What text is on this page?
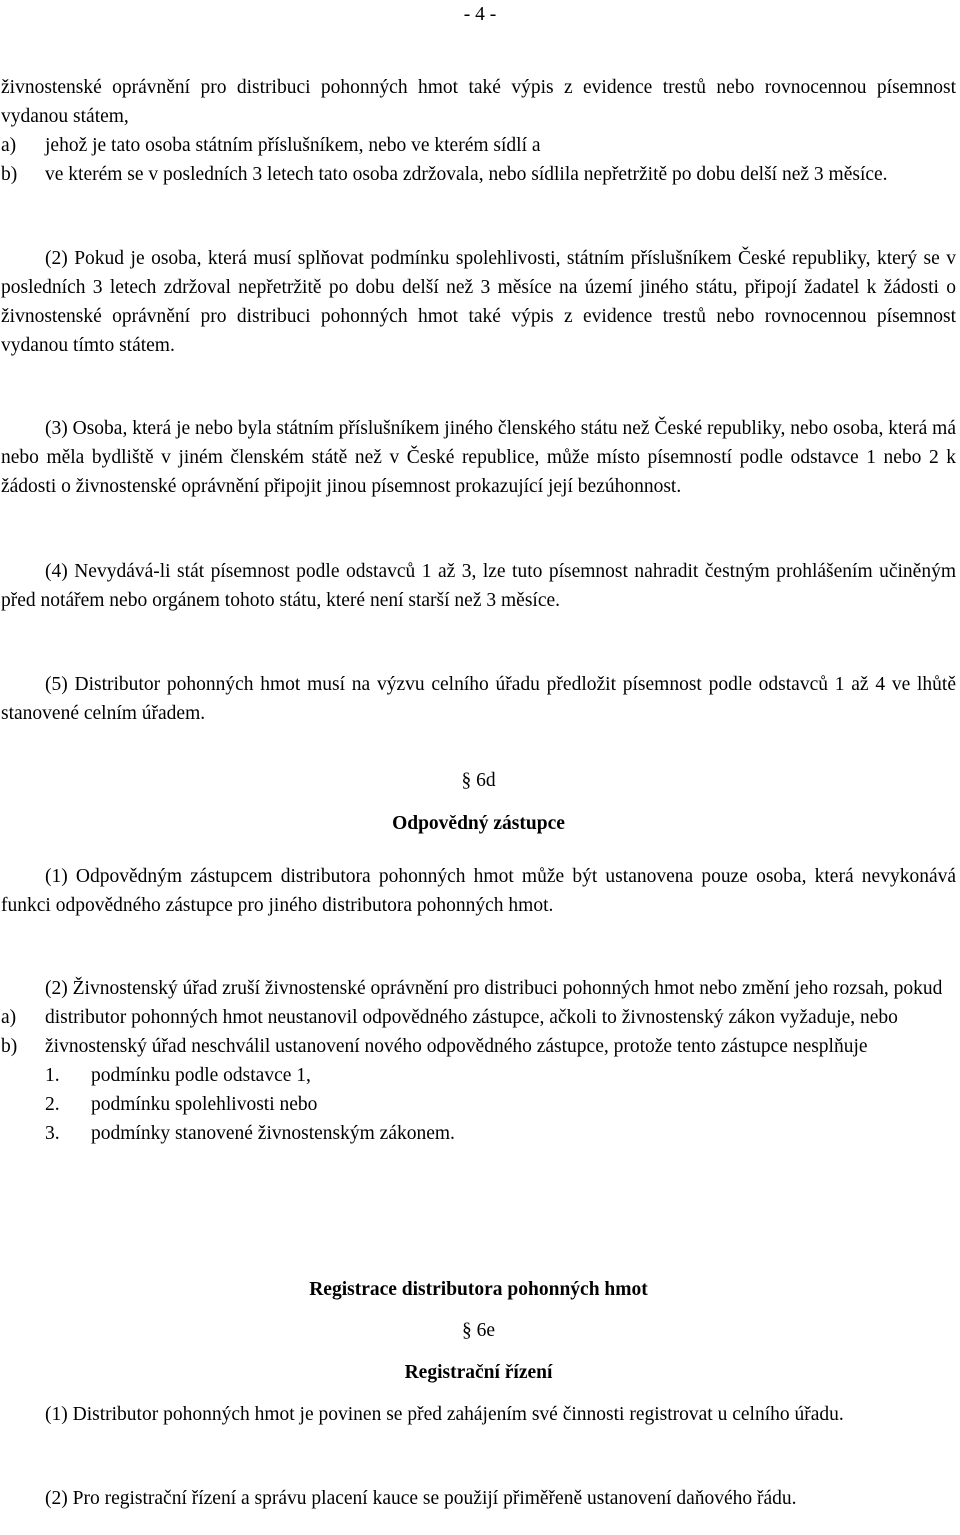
- 4 -

živnostenské oprávnění pro distribuci pohonných hmot také výpis z evidence trestů nebo rovnocennou písemnost vydanou státem,

a) jehož je tato osoba státním příslušníkem, nebo ve kterém sídlí a
b) ve kterém se v posledních 3 letech tato osoba zdržovala, nebo sídlila nepřetržitě po dobu delší než 3 měsíce.

(2) Pokud je osoba, která musí splňovat podmínku spolehlivosti, státním příslušníkem České republiky, který se v posledních 3 letech zdržoval nepřetržitě po dobu delší než 3 měsíce na území jiného státu, připojí žadatel k žádosti o živnostenské oprávnění pro distribuci pohonných hmot také výpis z evidence trestů nebo rovnocennou písemnost vydanou tímto státem.

(3) Osoba, která je nebo byla státním příslušníkem jiného členského státu než České republiky, nebo osoba, která má nebo měla bydliště v jiném členském státě než v České republice, může místo písemností podle odstavce 1 nebo 2 k žádosti o živnostenské oprávnění připojit jinou písemnost prokazující její bezúhonnost.

(4) Nevydává-li stát písemnost podle odstavců 1 až 3, lze tuto písemnost nahradit čestným prohlášením učiněným před notářem nebo orgánem tohoto státu, které není starší než 3 měsíce.

(5) Distributor pohonných hmot musí na výzvu celního úřadu předložit písemnost podle odstavců 1 až 4 ve lhůtě stanovené celním úřadem.

§ 6d

Odpovědný zástupce

(1) Odpovědným zástupcem distributora pohonných hmot může být ustanovena pouze osoba, která nevykonává funkci odpovědného zástupce pro jiného distributora pohonných hmot.

(2) Živnostenský úřad zruší živnostenské oprávnění pro distribuci pohonných hmot nebo změní jeho rozsah, pokud

a) distributor pohonných hmot neustanovil odpovědného zástupce, ačkoli to živnostenský zákon vyžaduje, nebo
b) živnostenský úřad neschválil ustanovení nového odpovědného zástupce, protože tento zástupce nesplňuje
1. podmínku podle odstavce 1,
2. podmínku spolehlivosti nebo
3. podmínky stanovené živnostenským zákonem.

Registrace distributora pohonných hmot

§ 6e

Registrační řízení

(1) Distributor pohonných hmot je povinen se před zahájením své činnosti registrovat u celního úřadu.

(2) Pro registrační řízení a správu placení kauce se použijí přiměřeně ustanovení daňového řádu.
